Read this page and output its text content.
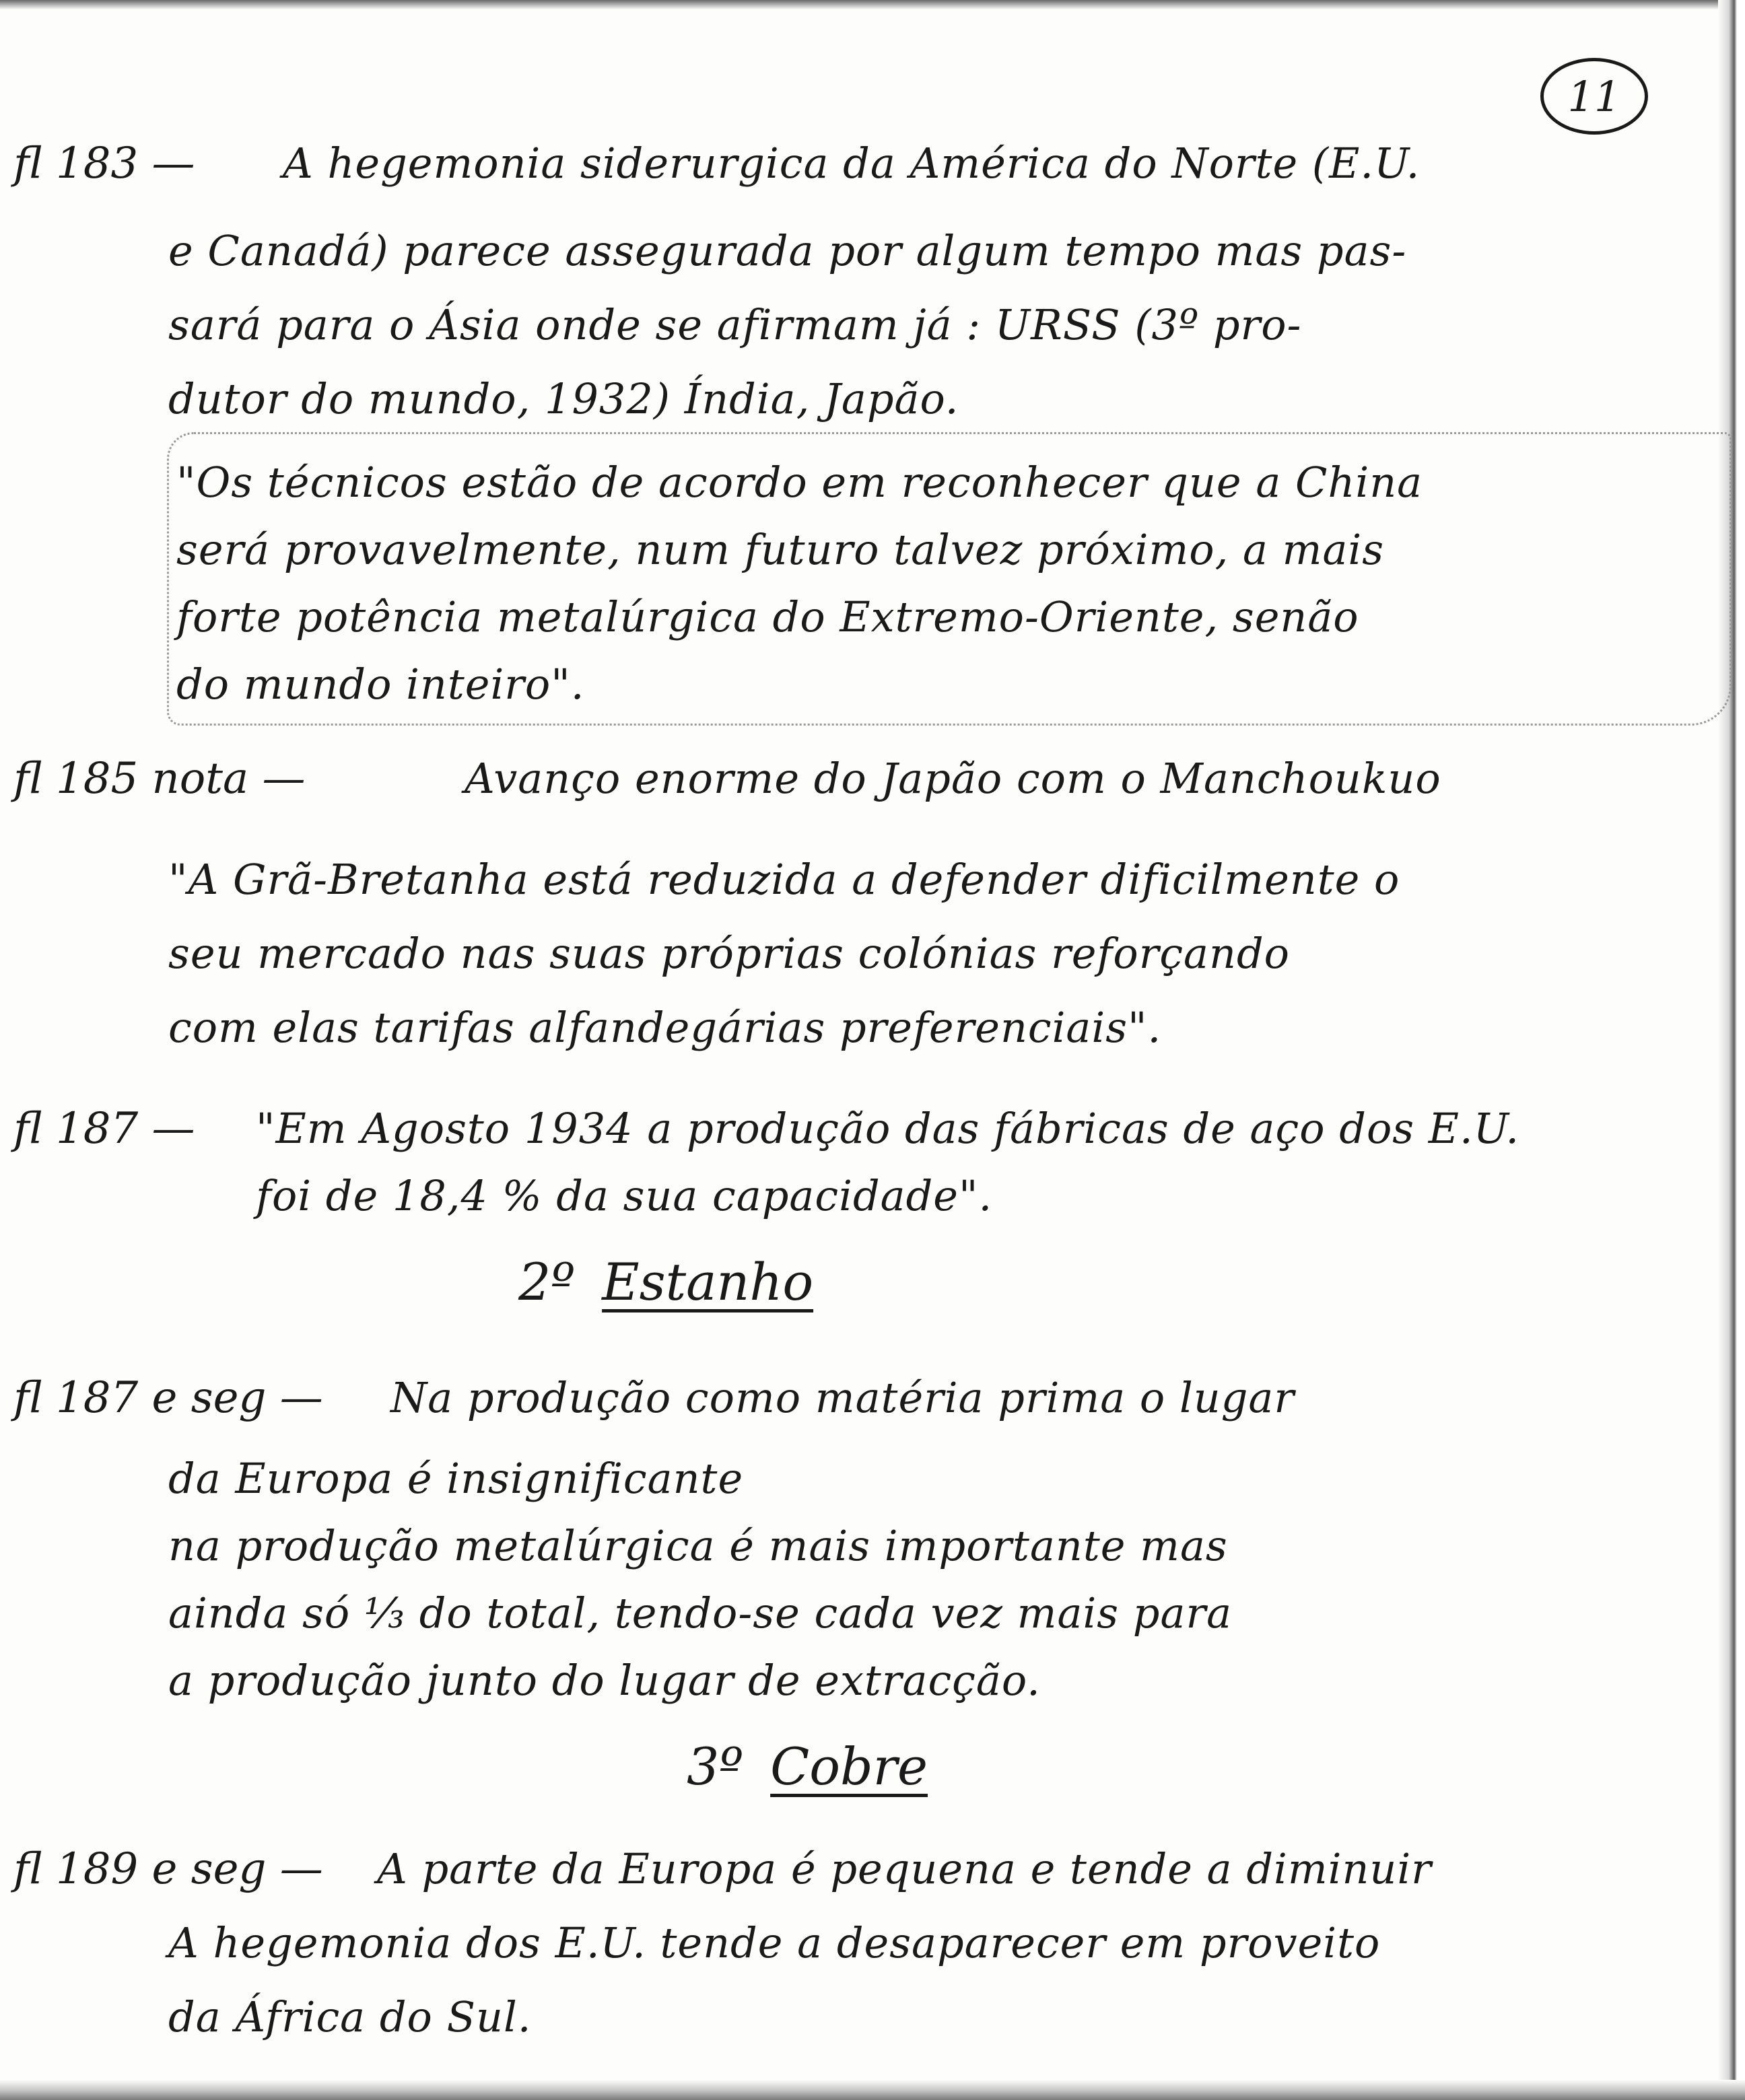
11
fl 183 — A hegemonia siderurgica da América do Norte (E.U.
e Canadá) parece assegurada por algum tempo mas pas-
sará para o Ásia onde se afirmam já : URSS (3º pro-
dutor do mundo, 1932) Índia, Japão.
"Os técnicos estão de acordo em reconhecer que a China
será provavelmente, num futuro talvez próximo, a mais
forte potência metalúrgica do Extremo-Oriente, senão
do mundo inteiro".
fl 185 nota —	Avanço enorme do Japão com o Manchoukuo
"A Grã-Bretanha está reduzida a defender dificilmente o
seu mercado nas suas próprias colónias reforçando
com elas tarifas alfandegárias preferenciais".
fl 187 — "Em Agosto 1934 a produção das fábricas de aço dos E.U.
foi de 18,4 % da sua capacidade".
2º Estanho
fl 187 e seg — Na produção como matéria prima o lugar
da Europa é insignificante
na produção metalúrgica é mais importante mas
ainda só ⅓ do total, tendo-se cada vez mais para
a produção junto do lugar de extracção.
3º Cobre
fl 189 e seg — A parte da Europa é pequena e tende a diminuir
A hegemonia dos E.U. tende a desaparecer em proveito
da África do Sul.
